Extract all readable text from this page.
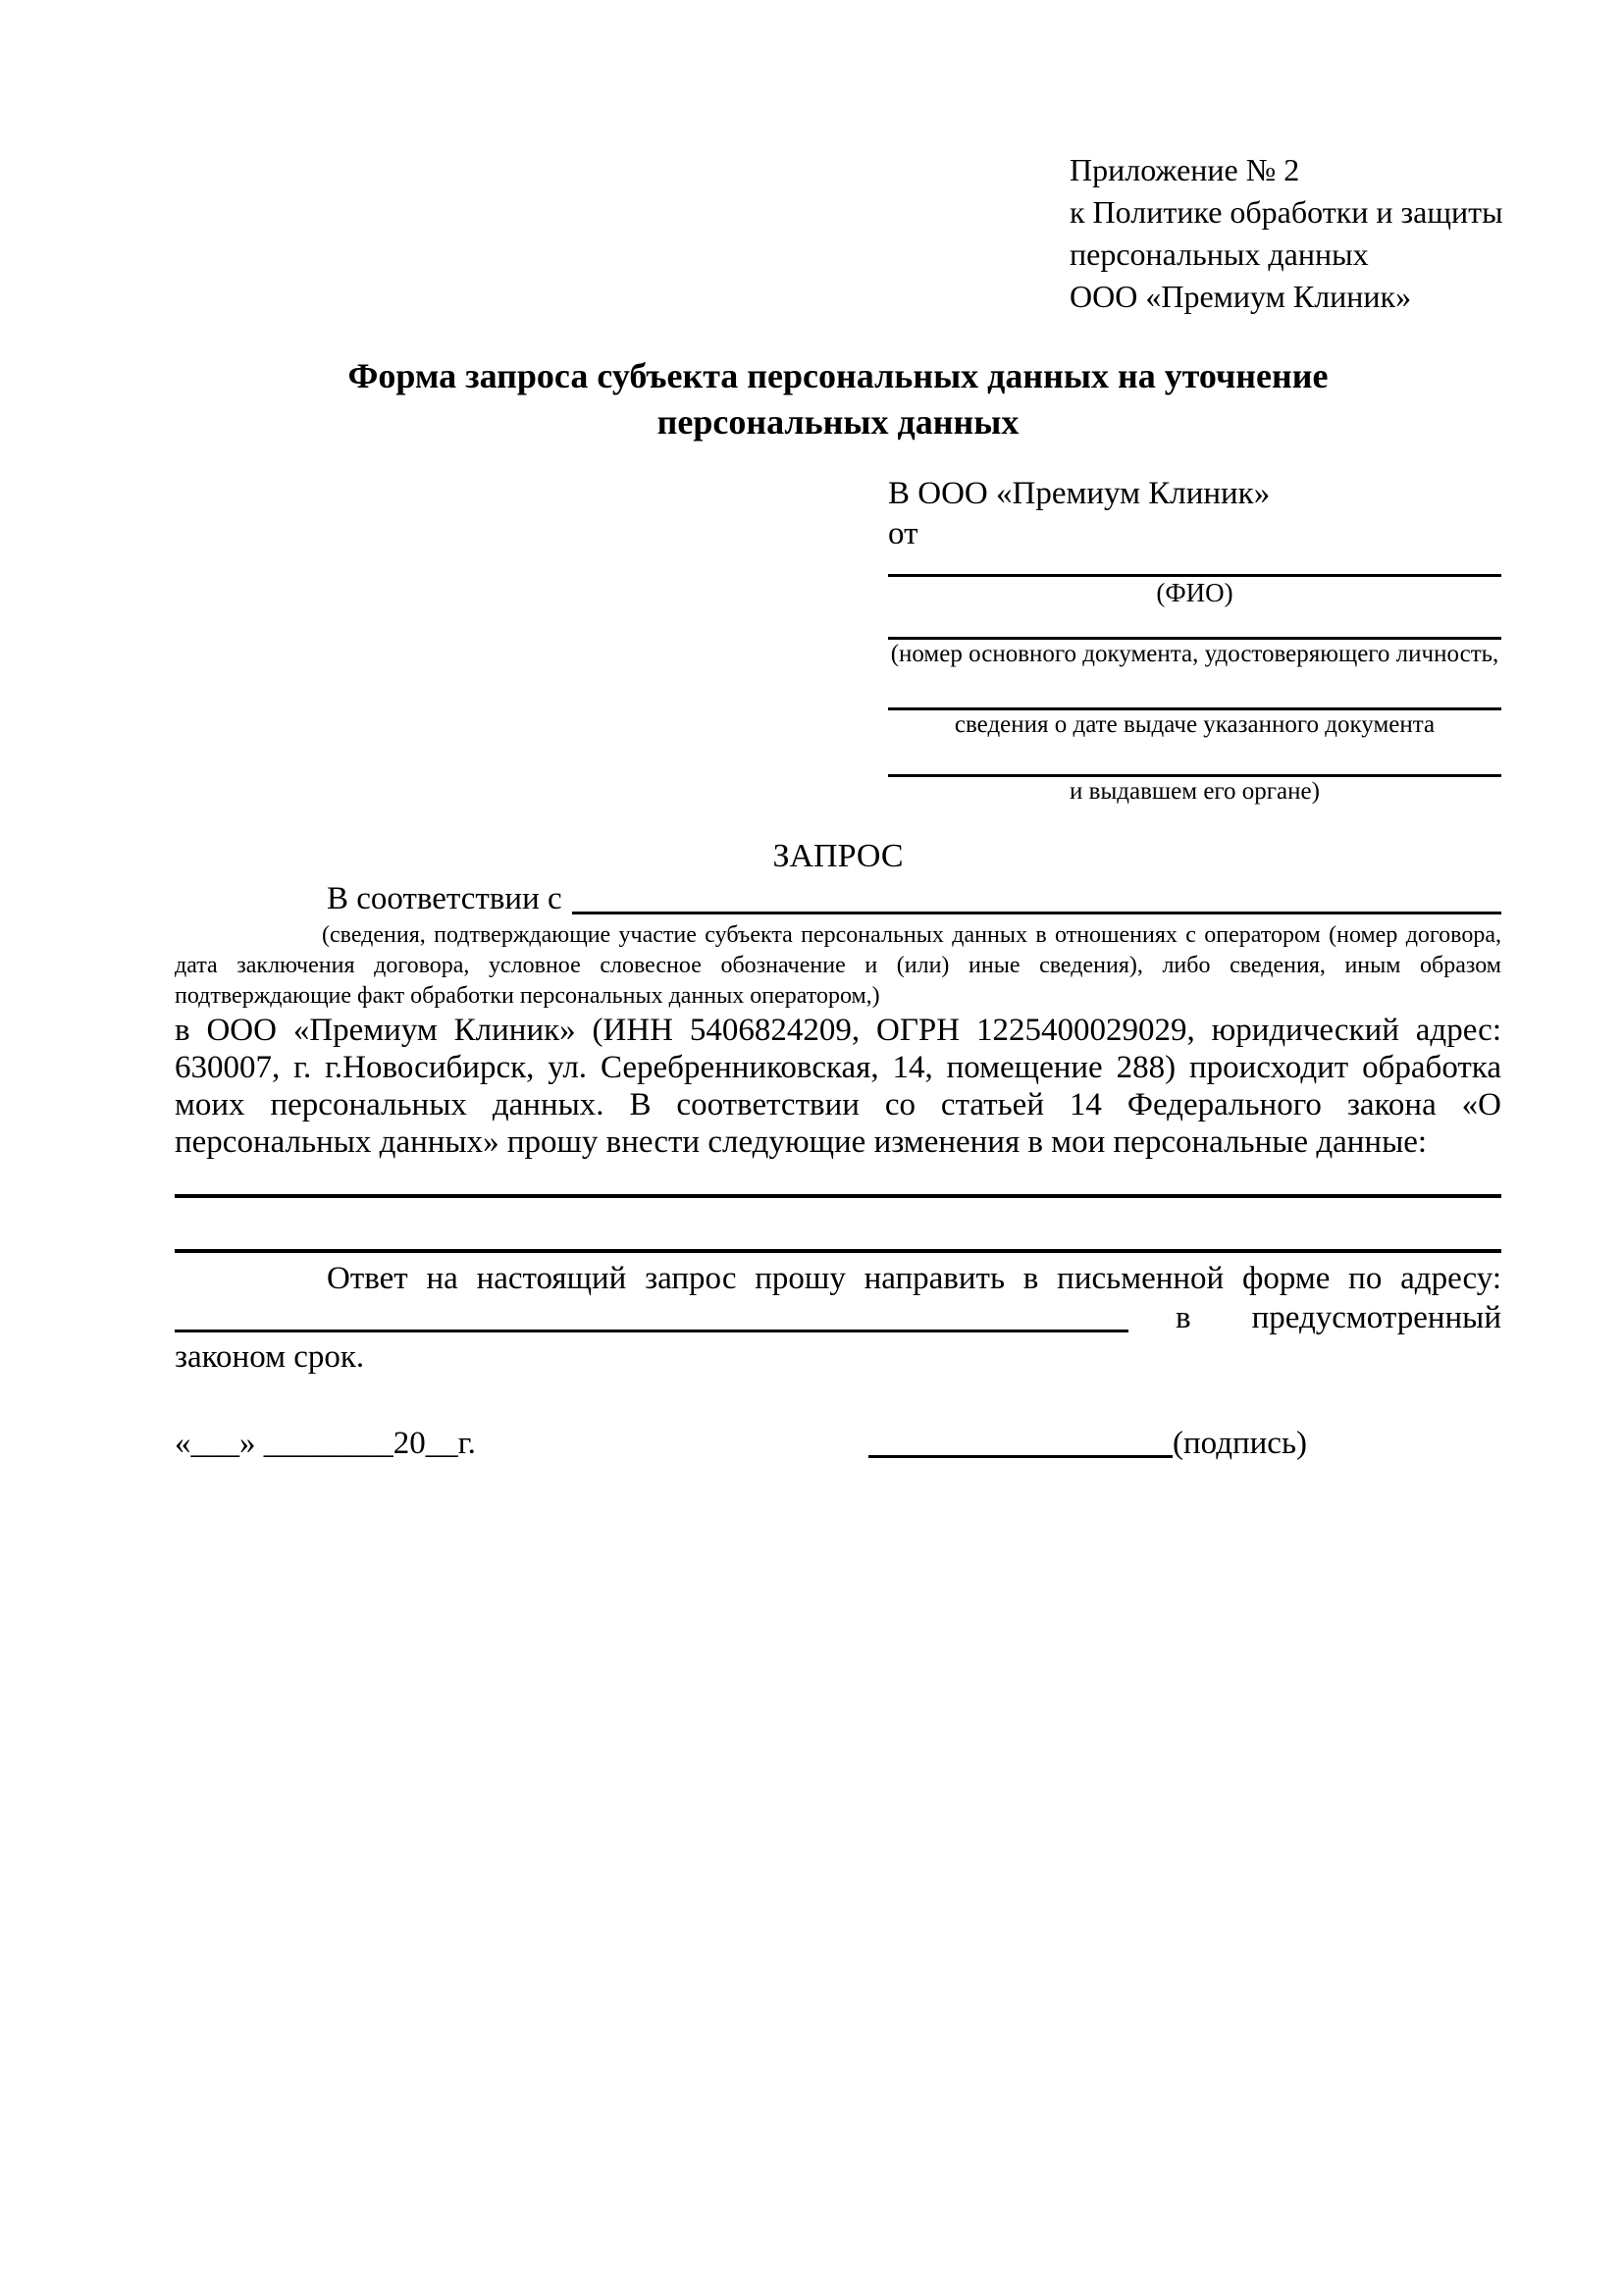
Приложение № 2
к Политике обработки и защиты
персональных данных
ООО «Премиум Клиник»
Форма запроса субъекта персональных данных на уточнение
персональных данных
В ООО «Премиум Клиник»
от
(ФИО)
(номер основного документа, удостоверяющего личность,
сведения о дате выдаче указанного документа
и выдавшем его органе)
ЗАПРОС
В соответствии с
(сведения, подтверждающие участие субъекта персональных данных в отношениях с оператором (номер договора, дата заключения договора, условное словесное обозначение и (или) иные сведения), либо сведения, иным образом подтверждающие факт обработки персональных данных оператором,)

в ООО «Премиум Клиник» (ИНН 5406824209, ОГРН 1225400029029, юридический адрес: 630007, г. г.Новосибирск, ул. Серебренниковская, 14, помещение 288) происходит обработка моих персональных данных. В соответствии со статьей 14 Федерального закона «О персональных данных» прошу внести следующие изменения в мои персональные данные:

Ответ на настоящий запрос прошу направить в письменной форме по адресу:
в предусмотренный
законом срок.
«___» ________20__г.	(подпись)
